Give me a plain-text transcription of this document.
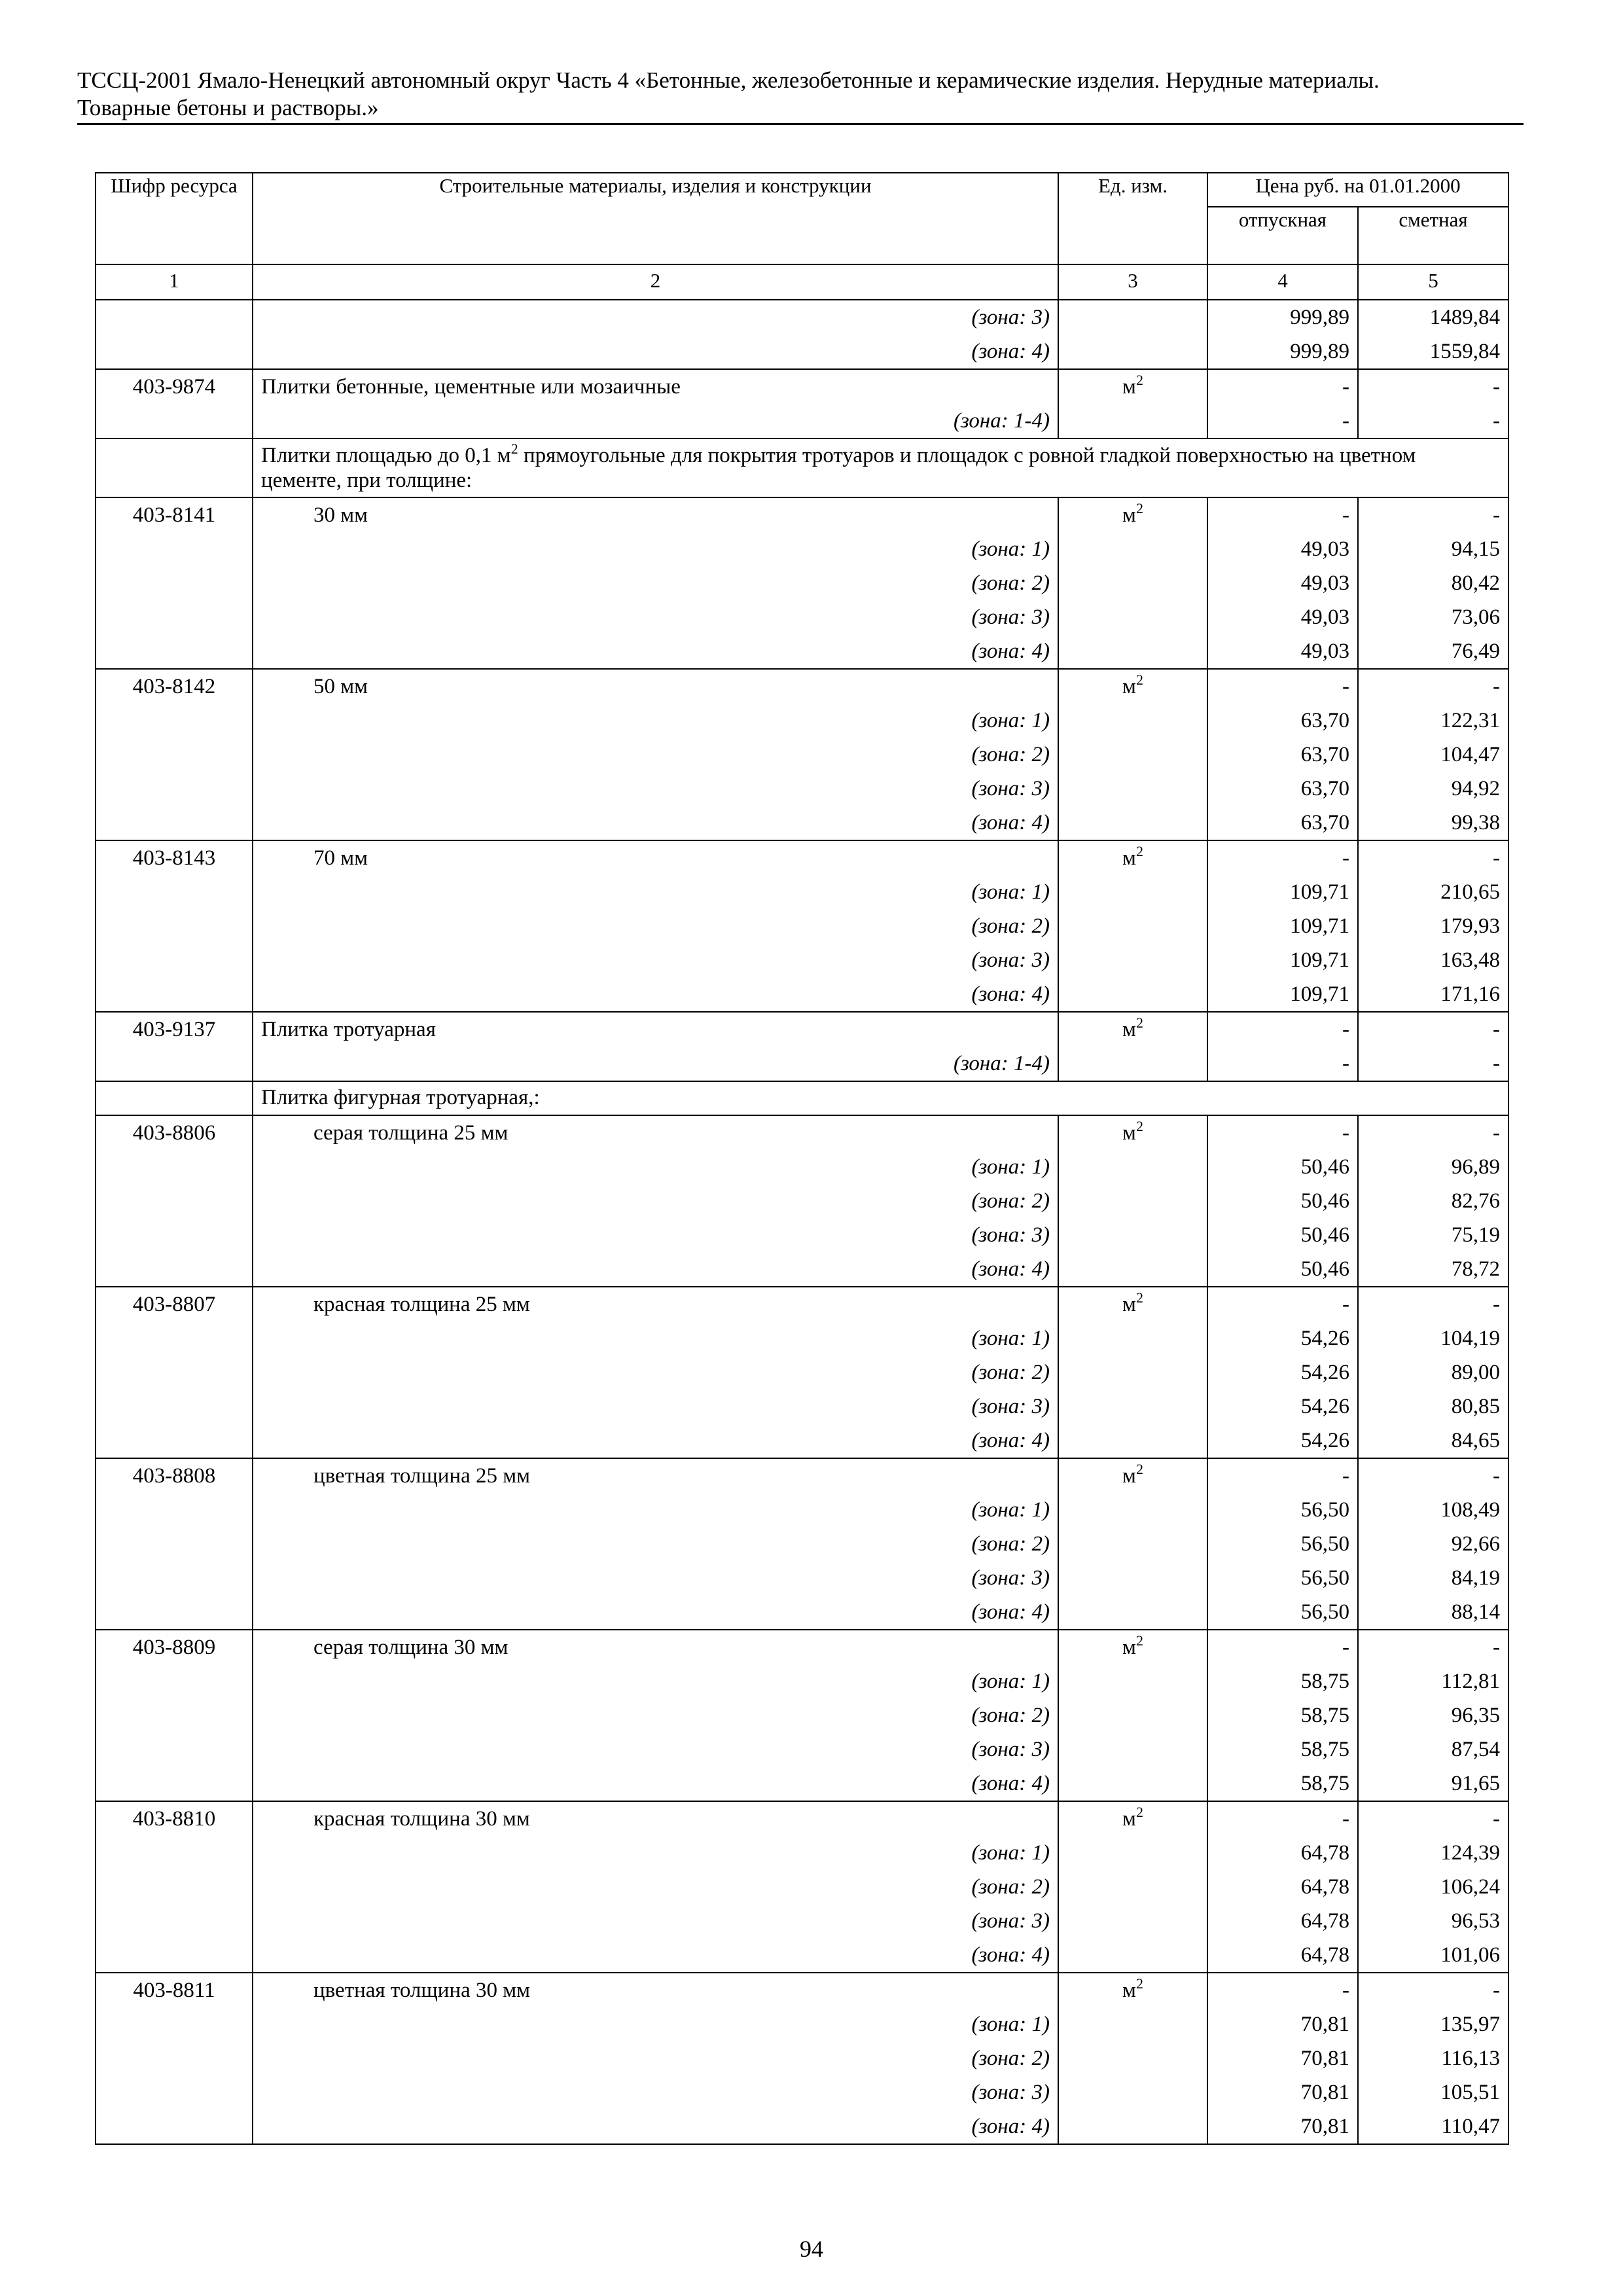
ТССЦ-2001 Ямало-Ненецкий автономный округ Часть 4 «Бетонные, железобетонные и керамические изделия. Нерудные материалы.
Товарные бетоны и растворы.»
Шифр ресурса	Строительные материалы, изделия и конструкции	Ед. изм.	Цена руб. на 01.01.2000	
			отпускная	сметная
1	2	3	4	5
	(зона: 3)		999,89	1489,84
	(зона: 4)		999,89	1559,84
403-9874	Плитки бетонные, цементные или мозаичные	$м^2$	-	-
	(зона: 1-4)		-	-
	Плитки площадью до 0,1 $м^2$ прямоугольные для покрытия тротуаров и площадок с ровной гладкой поверхностью на цветном цементе, при толщине:			
403-8141	30 мм	$м^2$	-	-
	(зона: 1)		49,03	94,15
	(зона: 2)		49,03	80,42
	(зона: 3)		49,03	73,06
	(зона: 4)		49,03	76,49
403-8142	50 мм	$м^2$	-	-
	(зона: 1)		63,70	122,31
	(зона: 2)		63,70	104,47
	(зона: 3)		63,70	94,92
	(зона: 4)		63,70	99,38
403-8143	70 мм	$м^2$	-	-
	(зона: 1)		109,71	210,65
	(зона: 2)		109,71	179,93
	(зона: 3)		109,71	163,48
	(зона: 4)		109,71	171,16
403-9137	Плитка тротуарная	$м^2$	-	-
	(зона: 1-4)		-	-
	Плитка фигурная тротуарная,:			
403-8806	серая толщина 25 мм	$м^2$	-	-
	(зона: 1)		50,46	96,89
	(зона: 2)		50,46	82,76
	(зона: 3)		50,46	75,19
	(зона: 4)		50,46	78,72
403-8807	красная толщина 25 мм	$м^2$	-	-
	(зона: 1)		54,26	104,19
	(зона: 2)		54,26	89,00
	(зона: 3)		54,26	80,85
	(зона: 4)		54,26	84,65
403-8808	цветная толщина 25 мм	$м^2$	-	-
	(зона: 1)		56,50	108,49
	(зона: 2)		56,50	92,66
	(зона: 3)		56,50	84,19
	(зона: 4)		56,50	88,14
403-8809	серая толщина 30 мм	$м^2$	-	-
	(зона: 1)		58,75	112,81
	(зона: 2)		58,75	96,35
	(зона: 3)		58,75	87,54
	(зона: 4)		58,75	91,65
403-8810	красная толщина 30 мм	$м^2$	-	-
	(зона: 1)		64,78	124,39
	(зона: 2)		64,78	106,24
	(зона: 3)		64,78	96,53
	(зона: 4)		64,78	101,06
403-8811	цветная толщина 30 мм	$м^2$	-	-
	(зона: 1)		70,81	135,97
	(зона: 2)		70,81	116,13
	(зона: 3)		70,81	105,51
	(зона: 4)		70,81	110,47
94
